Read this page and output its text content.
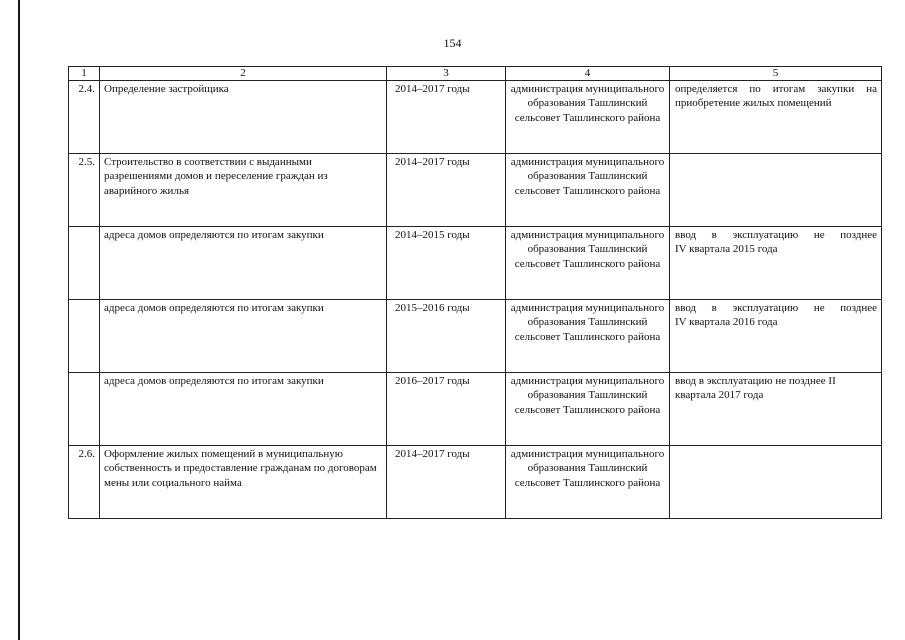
154
1	2	3	4	5
2.4.	Определение застройщика	2014–2017 годы	администрация муниципального образования Ташлинский сельсовет Ташлинского района	определяется по итогам закупки на
приобретение жилых помещений

2.5.	Строительство в соответствии с выданными разрешениями домов и переселение граждан из аварийного жилья	2014–2017 годы	администрация муниципального образования Ташлинский сельсовет Ташлинского района	
	адреса домов определяются по итогам закупки	2014–2015 годы	администрация муниципального образования Ташлинский сельсовет Ташлинского района	ввод в эксплуатацию не позднее
IV квартала 2015 года

	адреса домов определяются по итогам закупки	2015–2016 годы	администрация муниципального образования Ташлинский сельсовет Ташлинского района	ввод в эксплуатацию не позднее
IV квартала 2016 года

	адреса домов определяются по итогам закупки	2016–2017 годы	администрация муниципального образования Ташлинский сельсовет Ташлинского района	ввод в эксплуатацию не позднее II квартала 2017 года
2.6.	Оформление жилых помещений в муниципальную собственность и предоставление гражданам по договорам мены или социального найма	2014–2017 годы	администрация муниципального образования Ташлинский сельсовет Ташлинского района	
